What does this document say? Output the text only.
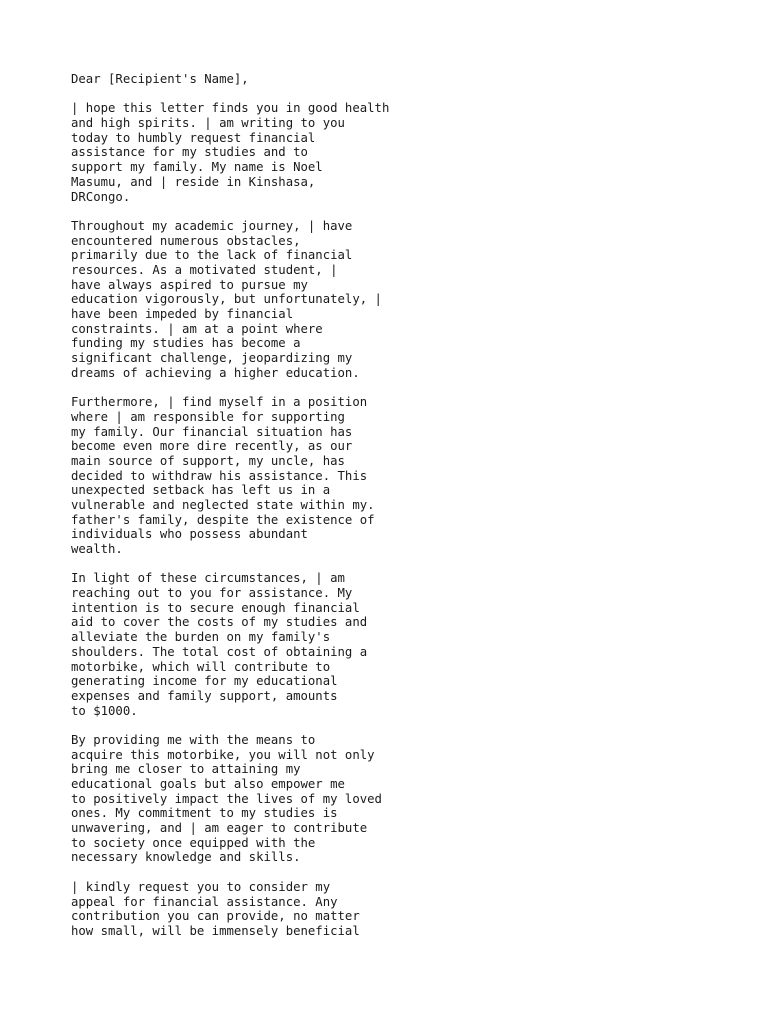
Dear [Recipient's Name],
| hope this letter finds you in good health
and high spirits. | am writing to you
today to humbly request financial
assistance for my studies and to
support my family. My name is Noel
Masumu, and | reside in Kinshasa,
DRCongo.
Throughout my academic journey, | have
encountered numerous obstacles,
primarily due to the lack of financial
resources. As a motivated student, |
have always aspired to pursue my
education vigorously, but unfortunately, |
have been impeded by financial
constraints. | am at a point where
funding my studies has become a
significant challenge, jeopardizing my
dreams of achieving a higher education.
Furthermore, | find myself in a position
where | am responsible for supporting
my family. Our financial situation has
become even more dire recently, as our
main source of support, my uncle, has
decided to withdraw his assistance. This
unexpected setback has left us in a
vulnerable and neglected state within my.
father's family, despite the existence of
individuals who possess abundant
wealth.
In light of these circumstances, | am
reaching out to you for assistance. My
intention is to secure enough financial
aid to cover the costs of my studies and
alleviate the burden on my family's
shoulders. The total cost of obtaining a
motorbike, which will contribute to
generating income for my educational
expenses and family support, amounts
to $1000.
By providing me with the means to
acquire this motorbike, you will not only
bring me closer to attaining my
educational goals but also empower me
to positively impact the lives of my loved
ones. My commitment to my studies is
unwavering, and | am eager to contribute
to society once equipped with the
necessary knowledge and skills.
| kindly request you to consider my
appeal for financial assistance. Any
contribution you can provide, no matter
how small, will be immensely beneficial
